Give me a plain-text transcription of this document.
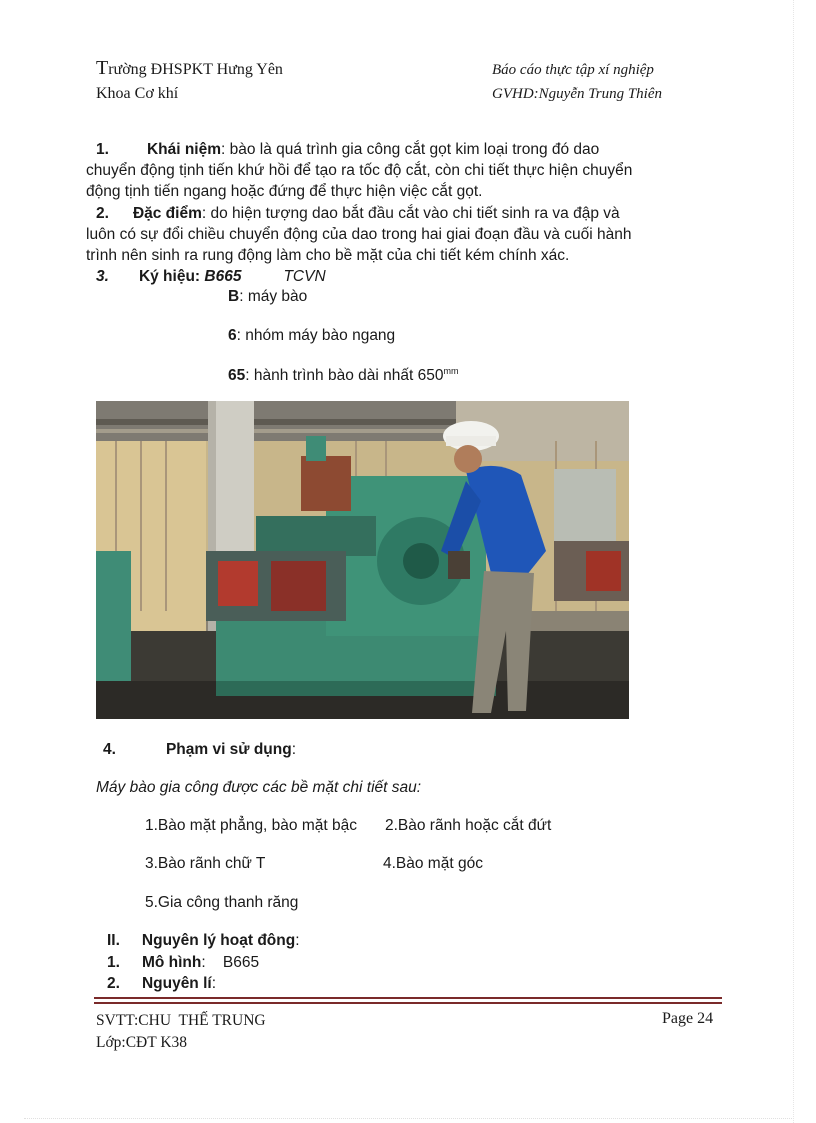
Trường ĐHSPKT Hưng Yên
Khoa Cơ khí
Báo cáo thực tập xí nghiệp
GVHD:Nguyễn Trung Thiên
1. Khái niệm: bào là quá trình gia công cắt gọt kim loại trong đó dao
chuyển động tịnh tiến khứ hồi để tạo ra tốc độ cắt, còn chi tiết thực hiện chuyển
động tịnh tiến ngang hoặc đứng để thực hiện việc cắt gọt.
2. Đặc điểm: do hiện tượng dao bắt đầu cắt vào chi tiết sinh ra va đập và
luôn có sự đổi chiều chuyển động của dao trong hai giai đoạn đầu và cuối hành
trình nên sinh ra rung động làm cho bề mặt của chi tiết kém chính xác.
3. Ký hiệu: B665	TCVN
B: máy bào
6: nhóm máy bào ngang
65: hành trình bào dài nhất $650^{mm}$
4.	Phạm vi sử dụng:
Máy bào gia công được các bề mặt chi tiết sau:
1.Bào mặt phẳng, bào mặt bậc 2.Bào rãnh hoặc cắt đứt
3.Bào rãnh chữ T	4.Bào mặt góc
5.Gia công thanh răng
II. Nguyên lý hoạt đông:
1. Mô hình:    B665
2. Nguyên lí:
SVTT:CHU  THẾ TRUNG
Lớp:CĐT K38
Page 24
